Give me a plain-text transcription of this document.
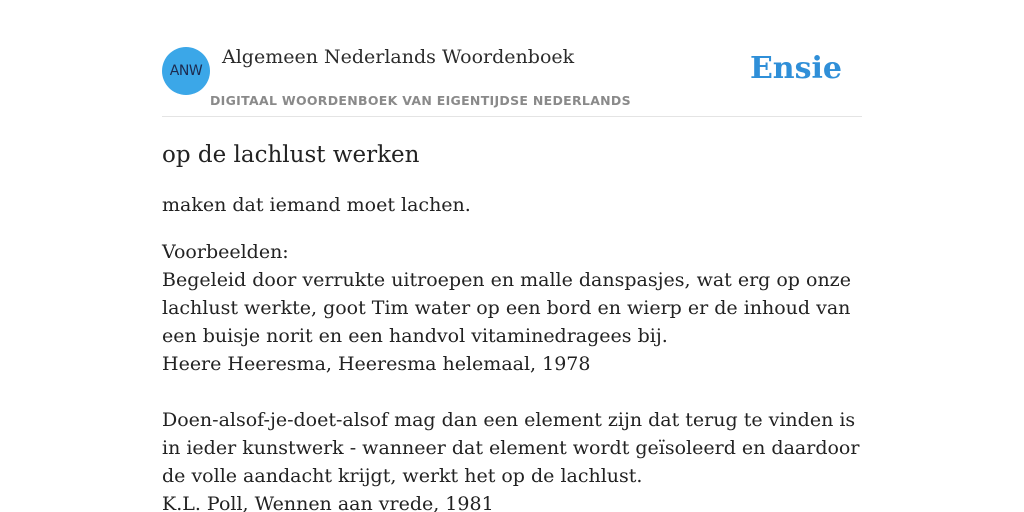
ANW
Algemeen Nederlands Woordenboek
DIGITAAL WOORDENBOEK VAN EIGENTIJDSE NEDERLANDS
Ensie
op de lachlust werken

maken dat iemand moet lachen.

Voorbeelden:
Begeleid door verrukte uitroepen en malle danspasjes, wat erg op onze lachlust werkte, goot Tim water op een bord en wierp er de inhoud van een buisje norit en een handvol vitaminedragees bij.
Heere Heeresma, Heeresma helemaal, 1978
Doen-alsof-je-doet-alsof mag dan een element zijn dat terug te vinden is in ieder kunstwerk - wanneer dat element wordt geïsoleerd en daardoor de volle aandacht krijgt, werkt het op de lachlust.
K.L. Poll, Wennen aan vrede, 1981
